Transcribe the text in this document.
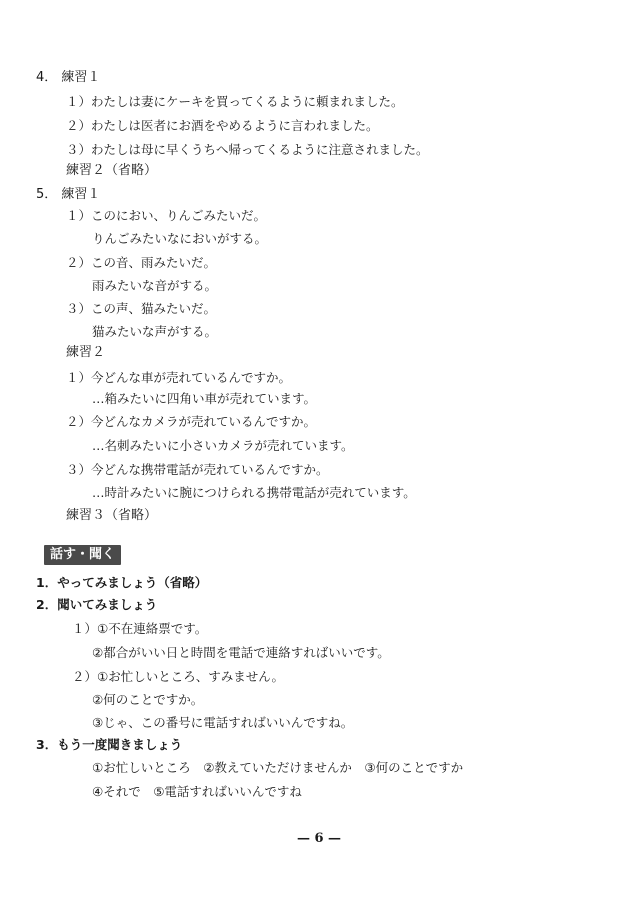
4． 練習１
１）わたしは妻にケーキを買ってくるように頼まれました。
２）わたしは医者にお酒をやめるように言われました。
３）わたしは母に早くうちへ帰ってくるように注意されました。
練習２（省略）
5． 練習１
１）このにおい、りんごみたいだ。
りんごみたいなにおいがする。
２）この音、雨みたいだ。
雨みたいな音がする。
３）この声、猫みたいだ。
猫みたいな声がする。
練習２
１）今どんな車が売れているんですか。
…箱みたいに四角い車が売れています。
２）今どんなカメラが売れているんですか。
…名刺みたいに小さいカメラが売れています。
３）今どんな携帯電話が売れているんですか。
…時計みたいに腕につけられる携帯電話が売れています。
練習３（省略）
話す・聞く
1．やってみましょう（省略）
2．聞いてみましょう
１）①不在連絡票です。
②都合がいい日と時間を電話で連絡すればいいです。
２）①お忙しいところ、すみません。
②何のことですか。
③じゃ、この番号に電話すればいいんですね。
3．もう一度聞きましょう
①お忙しいところ　②教えていただけませんか　③何のことですか
④それで　⑤電話すればいいんですね
— 6 —
